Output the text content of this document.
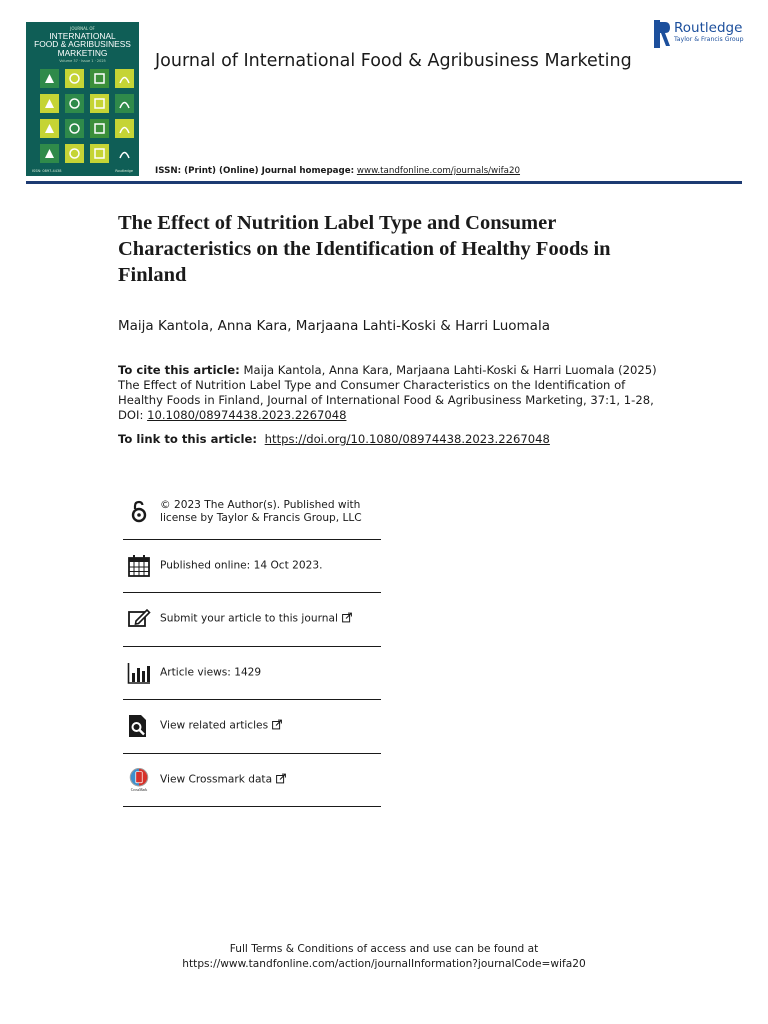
JOURNAL OF
INTERNATIONAL
FOOD & AGRIBUSINESS
MARKETING
Volume 37 · Issue 1 · 2025
ISSN: 0897-4438	Routledge
Journal of International Food & Agribusiness Marketing
Routledge
Taylor & Francis Group
ISSN: (Print) (Online) Journal homepage: www.tandfonline.com/journals/wifa20
The Effect of Nutrition Label Type and Consumer Characteristics on the Identification of Healthy Foods in Finland
Maija Kantola, Anna Kara, Marjaana Lahti-Koski & Harri Luomala
To cite this article: Maija Kantola, Anna Kara, Marjaana Lahti-Koski & Harri Luomala (2025) The Effect of Nutrition Label Type and Consumer Characteristics on the Identification of Healthy Foods in Finland, Journal of International Food & Agribusiness Marketing, 37:1, 1-28, DOI: 10.1080/08974438.2023.2267048
To link to this article: https://doi.org/10.1080/08974438.2023.2267048
© 2023 The Author(s). Published with license by Taylor & Francis Group, LLC
Published online: 14 Oct 2023.
Submit your article to this journal
Article views: 1429
View related articles
CrossMark
View Crossmark data
Full Terms & Conditions of access and use can be found at
https://www.tandfonline.com/action/journalInformation?journalCode=wifa20
